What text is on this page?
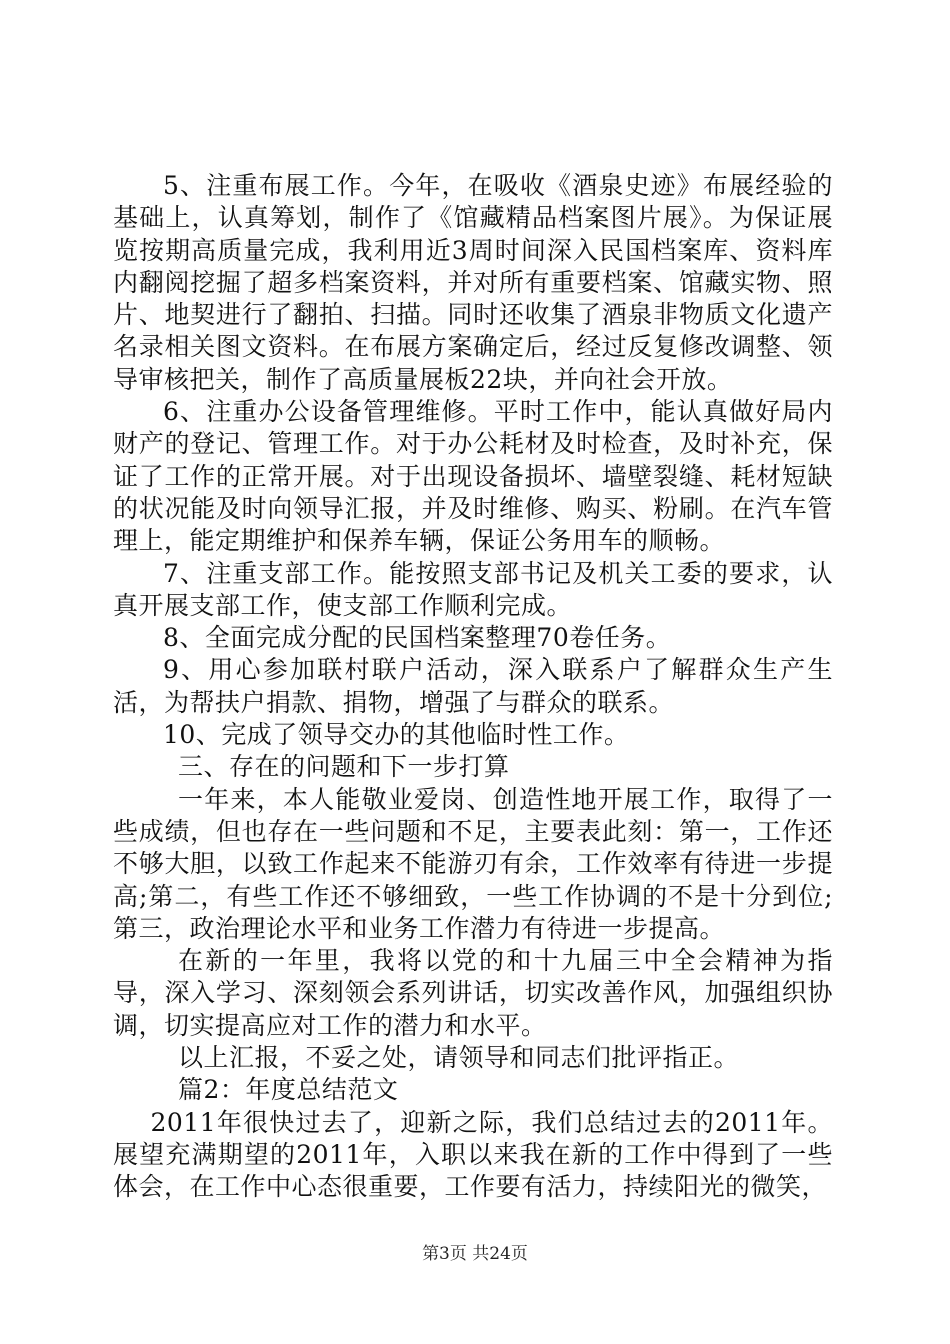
5、注重布展工作。今年，在吸收《酒泉史迹》布展经验的基础上，认真筹划，制作了《馆藏精品档案图片展》。为保证展览按期高质量完成，我利用近3周时间深入民国档案库、资料库内翻阅挖掘了超多档案资料，并对所有重要档案、馆藏实物、照片、地契进行了翻拍、扫描。同时还收集了酒泉非物质文化遗产名录相关图文资料。在布展方案确定后，经过反复修改调整、领导审核把关，制作了高质量展板22块，并向社会开放。

6、注重办公设备管理维修。平时工作中，能认真做好局内财产的登记、管理工作。对于办公耗材及时检查，及时补充，保证了工作的正常开展。对于出现设备损坏、墙壁裂缝、耗材短缺的状况能及时向领导汇报，并及时维修、购买、粉刷。在汽车管理上，能定期维护和保养车辆，保证公务用车的顺畅。

7、注重支部工作。能按照支部书记及机关工委的要求，认真开展支部工作，使支部工作顺利完成。

8、全面完成分配的民国档案整理70卷任务。

9、用心参加联村联户活动，深入联系户了解群众生产生活，为帮扶户捐款、捐物，增强了与群众的联系。

10、完成了领导交办的其他临时性工作。

三、存在的问题和下一步打算

一年来，本人能敬业爱岗、创造性地开展工作，取得了一些成绩，但也存在一些问题和不足，主要表此刻：第一，工作还不够大胆，以致工作起来不能游刃有余，工作效率有待进一步提高;第二，有些工作还不够细致，一些工作协调的不是十分到位;第三，政治理论水平和业务工作潜力有待进一步提高。

在新的一年里，我将以党的和十九届三中全会精神为指导，深入学习、深刻领会系列讲话，切实改善作风，加强组织协调，切实提高应对工作的潜力和水平。

以上汇报，不妥之处，请领导和同志们批评指正。

篇2：年度总结范文

2011年很快过去了，迎新之际，我们总结过去的2011年。展望充满期望的2011年，入职以来我在新的工作中得到了一些体会，在工作中心态很重要，工作要有活力，持续阳光的微笑，

第3页 共24页
